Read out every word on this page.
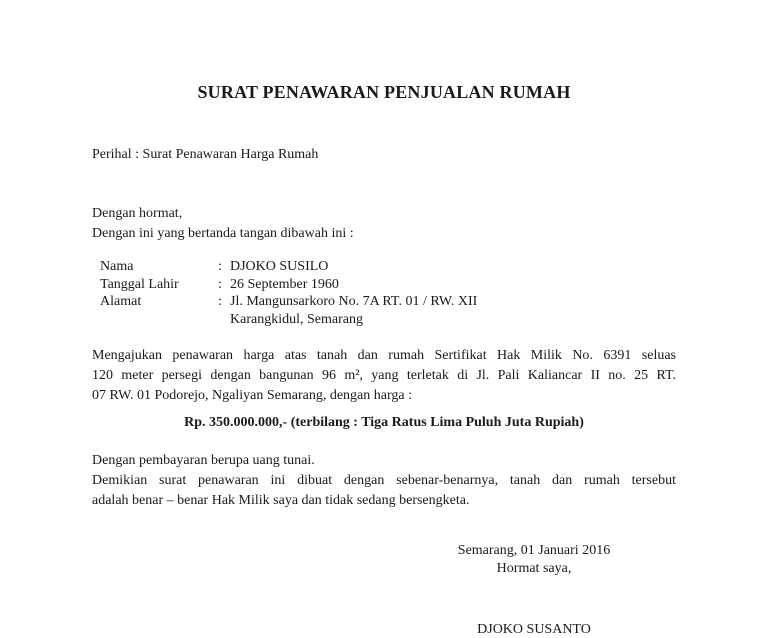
SURAT PENAWARAN PENJUALAN RUMAH
Perihal : Surat Penawaran Harga Rumah
Dengan hormat,
Dengan ini yang bertanda tangan dibawah ini :
Nama	: DJOKO SUSILO
Tanggal Lahir	: 26 September 1960
Alamat	: Jl. Mangunsarkoro No. 7A RT. 01 / RW. XII
Karangkidul, Semarang
Mengajukan penawaran harga atas tanah dan rumah Sertifikat Hak Milik No. 6391 seluas
120 meter persegi dengan bangunan 96 m², yang terletak di Jl. Pali Kaliancar II no. 25 RT.
07 RW. 01 Podorejo, Ngaliyan Semarang, dengan harga :
Rp. 350.000.000,- (terbilang : Tiga Ratus Lima Puluh Juta Rupiah)
Dengan pembayaran berupa uang tunai.
Demikian surat penawaran ini dibuat dengan sebenar-benarnya, tanah dan rumah tersebut
adalah benar – benar Hak Milik saya dan tidak sedang bersengketa.
Semarang, 01 Januari 2016
Hormat saya,
DJOKO SUSANTO
